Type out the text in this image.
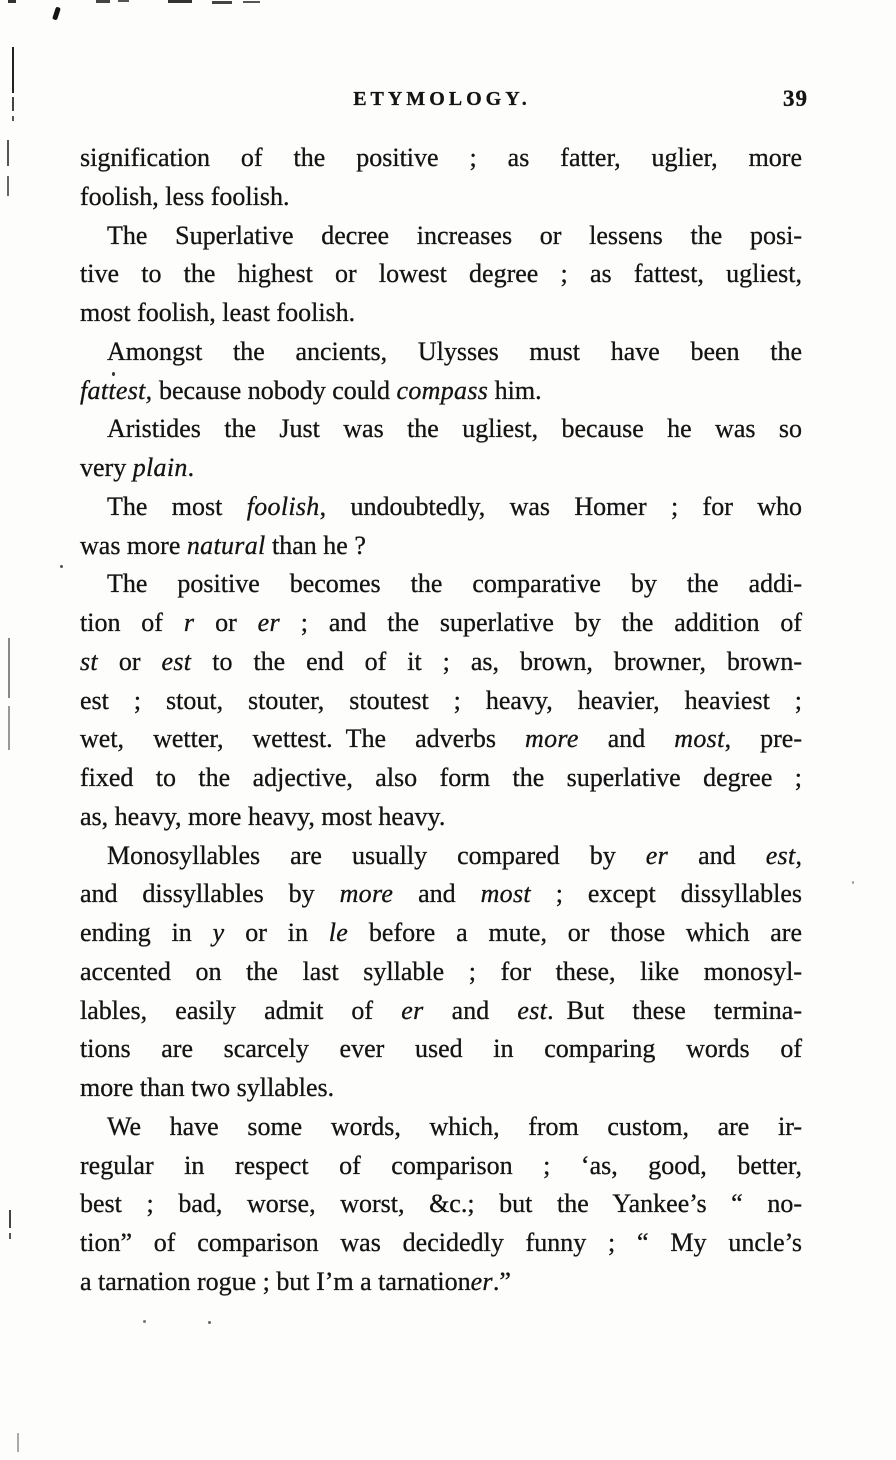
ETYMOLOGY.	39
signification of the positive ; as fatter, uglier, more
foolish, less foolish.
The Superlative decree increases or lessens the posi-
tive to the highest or lowest degree ; as fattest, ugliest,
most foolish, least foolish.
Amongst the ancients, Ulysses must have been the
fattest, because nobody could compass him.
Aristides the Just was the ugliest, because he was so
very plain.
The most foolish, undoubtedly, was Homer ; for who
was more natural than he ?
The positive becomes the comparative by the addi-
tion of r or er ; and the superlative by the addition of
st or est to the end of it ; as, brown, browner, brown-
est ; stout, stouter, stoutest ; heavy, heavier, heaviest ;
wet, wetter, wettest. The adverbs more and most, pre-
fixed to the adjective, also form the superlative degree ;
as, heavy, more heavy, most heavy.
Monosyllables are usually compared by er and est,
and dissyllables by more and most ; except dissyllables
ending in y or in le before a mute, or those which are
accented on the last syllable ; for these, like monosyl-
lables, easily admit of er and est. But these termina-
tions are scarcely ever used in comparing words of
more than two syllables.
We have some words, which, from custom, are ir-
regular in respect of comparison ; ‘as, good, better,
best ; bad, worse, worst, &c.; but the Yankee’s “ no-
tion” of comparison was decidedly funny ; “ My uncle’s
a tarnation rogue ; but I’m a tarnationer.”
